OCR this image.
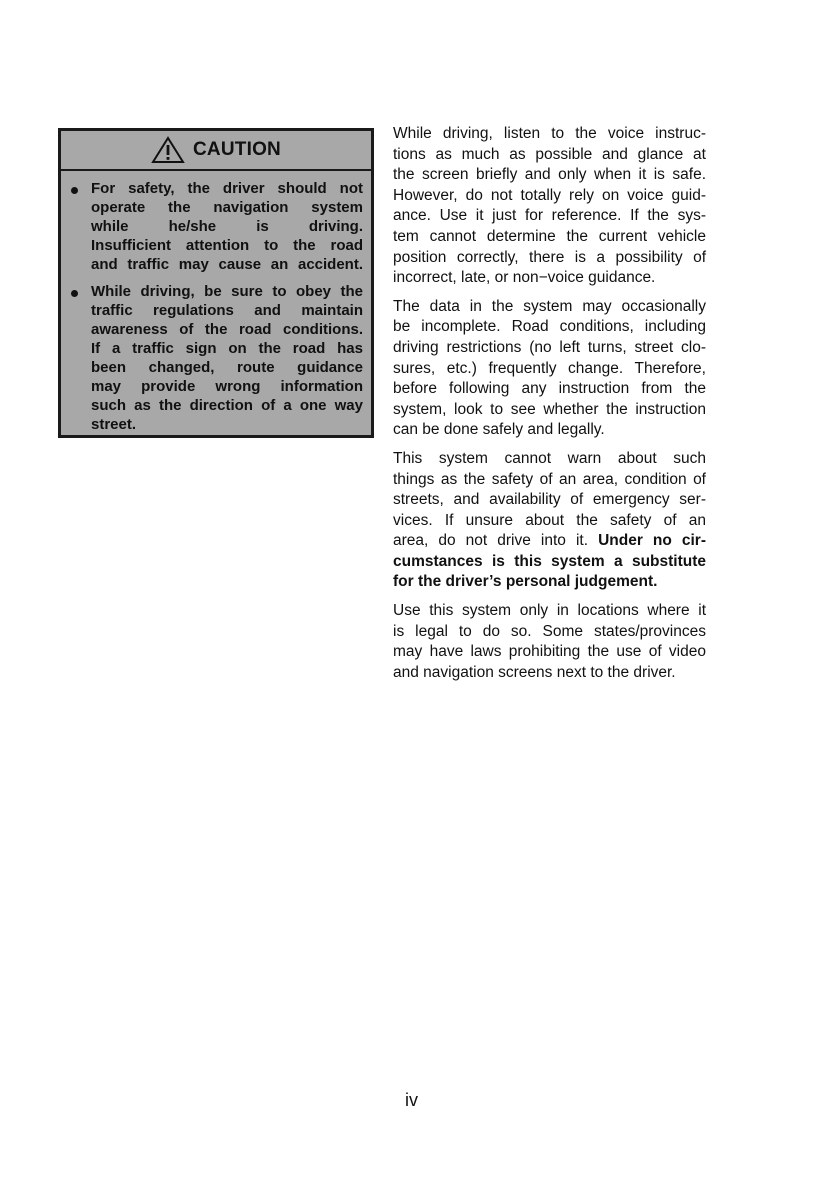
CAUTION
For safety, the driver should not
operate the navigation system
while he/she is driving.
Insufficient attention to the road
and traffic may cause an accident.
While driving, be sure to obey the
traffic regulations and maintain
awareness of the road conditions.
If a traffic sign on the road has
been changed, route guidance
may provide wrong information
such as the direction of a one way
street.
While driving, listen to the voice instruc-
tions as much as possible and glance at
the screen briefly and only when it is safe.
However, do not totally rely on voice guid-
ance. Use it just for reference. If the sys-
tem cannot determine the current vehicle
position correctly, there is a possibility of
incorrect, late, or non−voice guidance.
The data in the system may occasionally
be incomplete. Road conditions, including
driving restrictions (no left turns, street clo-
sures, etc.) frequently change. Therefore,
before following any instruction from the
system, look to see whether the instruction
can be done safely and legally.
This system cannot warn about such
things as the safety of an area, condition of
streets, and availability of emergency ser-
vices. If unsure about the safety of an
area, do not drive into it. Under no cir-
cumstances is this system a substitute
for the driver’s personal judgement.
Use this system only in locations where it
is legal to do so. Some states/provinces
may have laws prohibiting the use of video
and navigation screens next to the driver.
iv
